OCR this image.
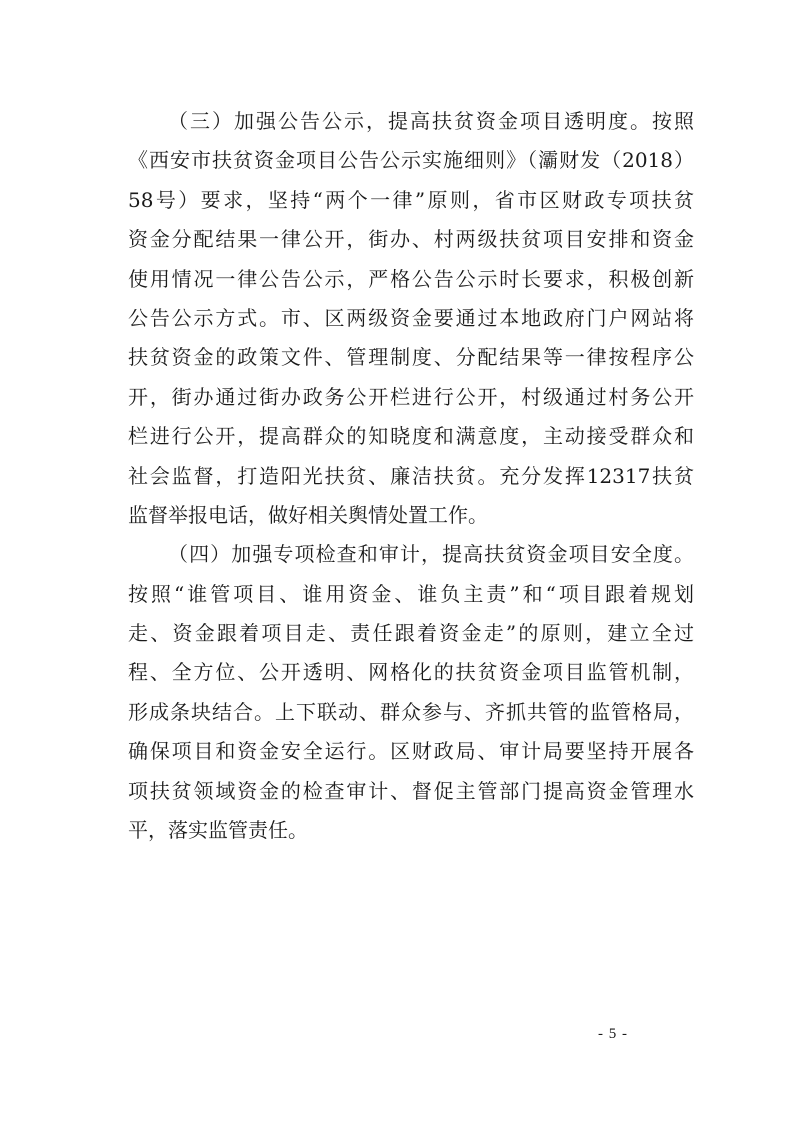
（三）加强公告公示，提高扶贫资金项目透明度。按照
《西安市扶贫资金项目公告公示实施细则》（灞财发（2018）
58号）要求，坚持“两个一律”原则，省市区财政专项扶贫
资金分配结果一律公开，街办、村两级扶贫项目安排和资金
使用情况一律公告公示，严格公告公示时长要求，积极创新
公告公示方式。市、区两级资金要通过本地政府门户网站将
扶贫资金的政策文件、管理制度、分配结果等一律按程序公
开，街办通过街办政务公开栏进行公开，村级通过村务公开
栏进行公开，提高群众的知晓度和满意度，主动接受群众和
社会监督，打造阳光扶贫、廉洁扶贫。充分发挥12317扶贫
监督举报电话，做好相关舆情处置工作。
（四）加强专项检查和审计，提高扶贫资金项目安全度。
按照“谁管项目、谁用资金、谁负主责”和“项目跟着规划
走、资金跟着项目走、责任跟着资金走”的原则，建立全过
程、全方位、公开透明、网格化的扶贫资金项目监管机制，
形成条块结合。上下联动、群众参与、齐抓共管的监管格局，
确保项目和资金安全运行。区财政局、审计局要坚持开展各
项扶贫领域资金的检查审计、督促主管部门提高资金管理水
平，落实监管责任。
- 5 -
